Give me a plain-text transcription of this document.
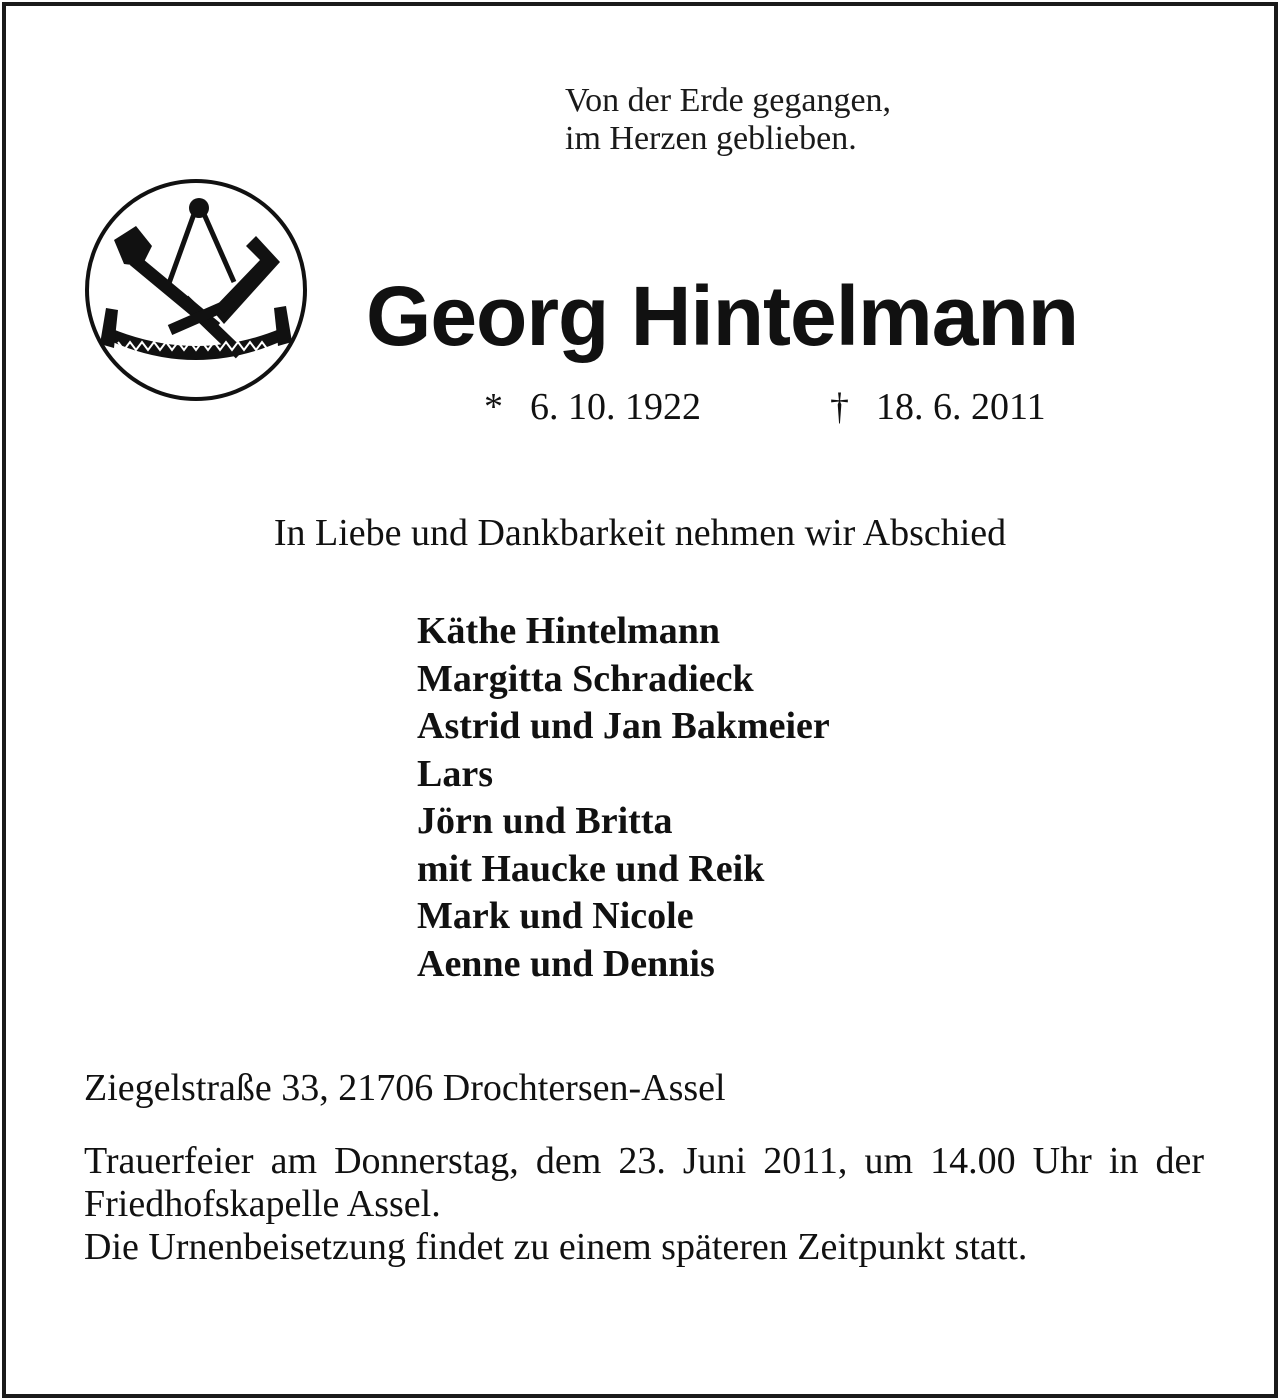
Von der Erde gegangen,
im Herzen geblieben.
Georg Hintelmann
* 6. 10. 1922	† 18. 6. 2011
In Liebe und Dankbarkeit nehmen wir Abschied
Käthe Hintelmann
Margitta Schradieck
Astrid und Jan Bakmeier
Lars
Jörn und Britta
mit Haucke und Reik
Mark und Nicole
Aenne und Dennis
Ziegelstraße 33, 21706 Drochtersen-Assel

Trauerfeier am Donnerstag, dem 23. Juni 2011, um 14.00 Uhr in der Friedhofskapelle Assel.

Die Urnenbeisetzung findet zu einem späteren Zeitpunkt statt.
